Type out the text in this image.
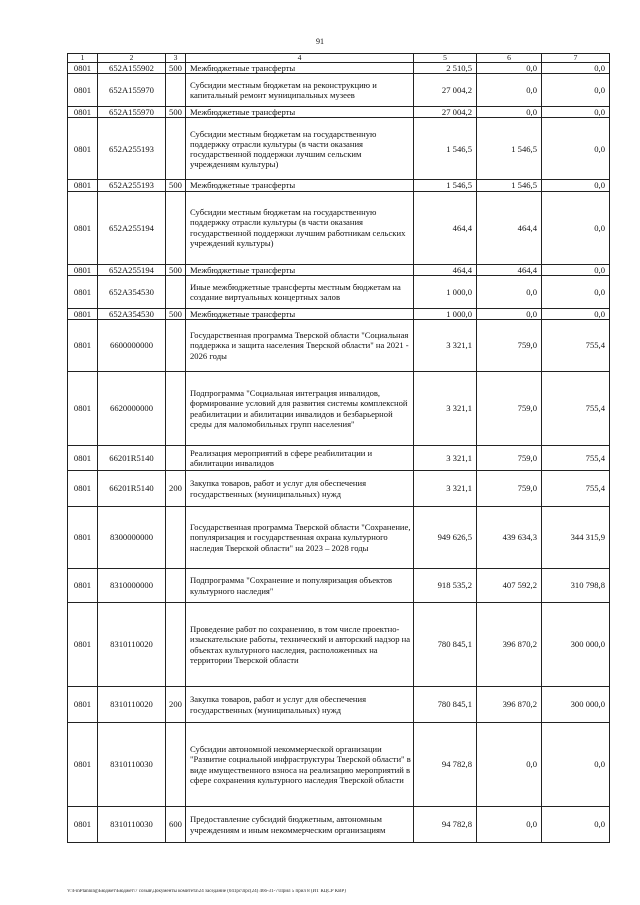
91
1	2	3	4	5	6	7
0801	652A155902	500	Межбюджетные трансферты	2 510,5	0,0	0,0
0801	652A155970		Субсидии местным бюджетам на реконструкцию и капитальный ремонт муниципальных музеев	27 004,2	0,0	0,0
0801	652A155970	500	Межбюджетные трансферты	27 004,2	0,0	0,0
0801	652A255193		Субсидии местным бюджетам на государственную поддержку отрасли культуры (в части оказания государственной поддержки лучшим сельским учреждениям культуры)	1 546,5	1 546,5	0,0
0801	652A255193	500	Межбюджетные трансферты	1 546,5	1 546,5	0,0
0801	652A255194		Субсидии местным бюджетам на государственную поддержку отрасли культуры (в части оказания государственной поддержки лучшим работникам сельских учреждений культуры)	464,4	464,4	0,0
0801	652A255194	500	Межбюджетные трансферты	464,4	464,4	0,0
0801	652A354530		Иные межбюджетные трансферты местным бюджетам на создание виртуальных концертных залов	1 000,0	0,0	0,0
0801	652A354530	500	Межбюджетные трансферты	1 000,0	0,0	0,0
0801	6600000000		Государственная программа Тверской области "Социальная поддержка и защита населения Тверской области" на 2021 - 2026 годы	3 321,1	759,0	755,4
0801	6620000000		Подпрограмма "Социальная интеграция инвалидов, формирование условий для развития системы комплексной реабилитации и абилитации инвалидов и безбарьерной среды для маломобильных групп населения"	3 321,1	759,0	755,4
0801	66201R5140		Реализация мероприятий в сфере реабилитации и абилитации инвалидов	3 321,1	759,0	755,4
0801	66201R5140	200	Закупка товаров, работ и услуг для обеспечения государственных (муниципальных) нужд	3 321,1	759,0	755,4
0801	8300000000		Государственная программа Тверской области "Сохранение, популяризация и государственная охрана культурного наследия Тверской области" на 2023 – 2028 годы	949 626,5	439 634,3	344 315,9
0801	8310000000		Подпрограмма "Сохранение и популяризация объектов культурного наследия"	918 535,2	407 592,2	310 798,8
0801	8310110020		Проведение работ по сохранению, в том числе проектно-изыскательские работы, технический и авторский надзор на объектах культурного наследия, расположенных на территории Тверской области	780 845,1	396 870,2	300 000,0
0801	8310110020	200	Закупка товаров, работ и услуг для обеспечения государственных (муниципальных) нужд	780 845,1	396 870,2	300 000,0
0801	8310110030		Субсидии автономной некоммерческой организации "Развитие социальной инфраструктуры Тверской области" в виде имущественного взноса на реализацию мероприятий в сфере сохранения культурного наследия Тверской области	94 782,8	0,0	0,0
0801	8310110030	600	Предоставление субсидий бюджетным, автономным учреждениям и иным некоммерческим организациям	94 782,8	0,0	0,0
V:\FinPlanning\Бюджет\Бюджет\7 созыв\Документы комитета\24 заседание (041рс\прс(24) 466-31-7\Прил 5 прил 8 (ИТ КЦСР КВР)
